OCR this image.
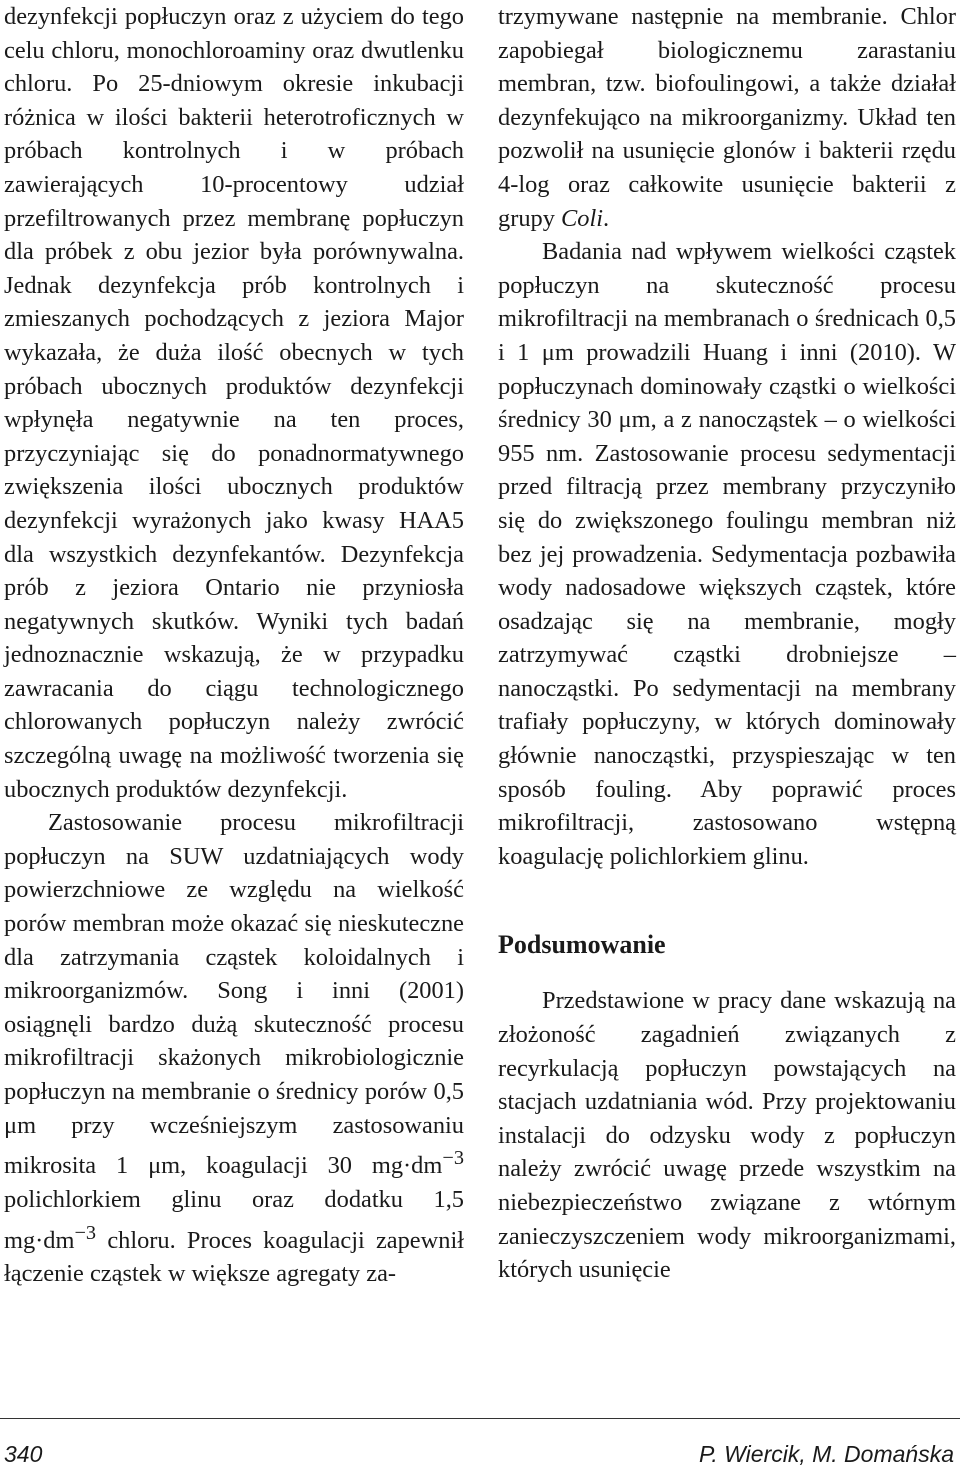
dezynfekcji popłuczyn oraz z użyciem do tego celu chloru, monochloroaminy oraz dwutlenku chloru. Po 25-dniowym okresie inkubacji różnica w ilości bakterii heterotroficznych w próbach kontrolnych i w próbach zawierających 10-procentowy udział przefiltrowanych przez membranę popłuczyn dla próbek z obu jezior była porównywalna. Jednak dezynfekcja prób kontrolnych i zmieszanych pochodzących z jeziora Major wykazała, że duża ilość obecnych w tych próbach ubocznych produktów dezynfekcji wpłynęła negatywnie na ten proces, przyczyniając się do ponadnormatywnego zwiększenia ilości ubocznych produktów dezynfekcji wyrażonych jako kwasy HAA5 dla wszystkich dezynfekantów. Dezynfekcja prób z jeziora Ontario nie przyniosła negatywnych skutków. Wyniki tych badań jednoznacznie wskazują, że w przypadku zawracania do ciągu technologicznego chlorowanych popłuczyn należy zwrócić szczególną uwagę na możliwość tworzenia się ubocznych produktów dezynfekcji.

Zastosowanie procesu mikrofiltracji popłuczyn na SUW uzdatniających wody powierzchniowe ze względu na wielkość porów membran może okazać się nieskuteczne dla zatrzymania cząstek koloidalnych i mikroorganizmów. Song i inni (2001) osiągnęli bardzo dużą skuteczność procesu mikrofiltracji skażonych mikrobiologicznie popłuczyn na membranie o średnicy porów 0,5 μm przy wcześniejszym zastosowaniu mikrosita 1 μm, koagulacji 30 $mg\cdot dm^{-3}$ polichlorkiem glinu oraz dodatku 1,5 $mg\cdot dm^{-3}$ chloru. Proces koagulacji zapewnił łączenie cząstek w większe agregaty za-

trzymywane następnie na membranie. Chlor zapobiegał biologicznemu zarastaniu membran, tzw. biofoulingowi, a także działał dezynfekująco na mikroorganizmy. Układ ten pozwolił na usunięcie glonów i bakterii rzędu 4-log oraz całkowite usunięcie bakterii z grupy Coli.

Badania nad wpływem wielkości cząstek popłuczyn na skuteczność procesu mikrofiltracji na membranach o średnicach 0,5 i 1 μm prowadzili Huang i inni (2010). W popłuczynach dominowały cząstki o wielkości średnicy 30 μm, a z nanocząstek – o wielkości 955 nm. Zastosowanie procesu sedymentacji przed filtracją przez membrany przyczyniło się do zwiększonego foulingu membran niż bez jej prowadzenia. Sedymentacja pozbawiła wody nadosadowe większych cząstek, które osadzając się na membranie, mogły zatrzymywać cząstki drobniejsze – nanocząstki. Po sedymentacji na membrany trafiały popłuczyny, w których dominowały głównie nanocząstki, przyspieszając w ten sposób fouling. Aby poprawić proces mikrofiltracji, zastosowano wstępną koagulację polichlorkiem glinu.

Podsumowanie

Przedstawione w pracy dane wskazują na złożoność zagadnień związanych z recyrkulacją popłuczyn powstających na stacjach uzdatniania wód. Przy projektowaniu instalacji do odzysku wody z popłuczyn należy zwrócić uwagę przede wszystkim na niebezpieczeństwo związane z wtórnym zanieczyszczeniem wody mikroorganizmami, których usunięcie

340	P. Wiercik, M. Domańska
